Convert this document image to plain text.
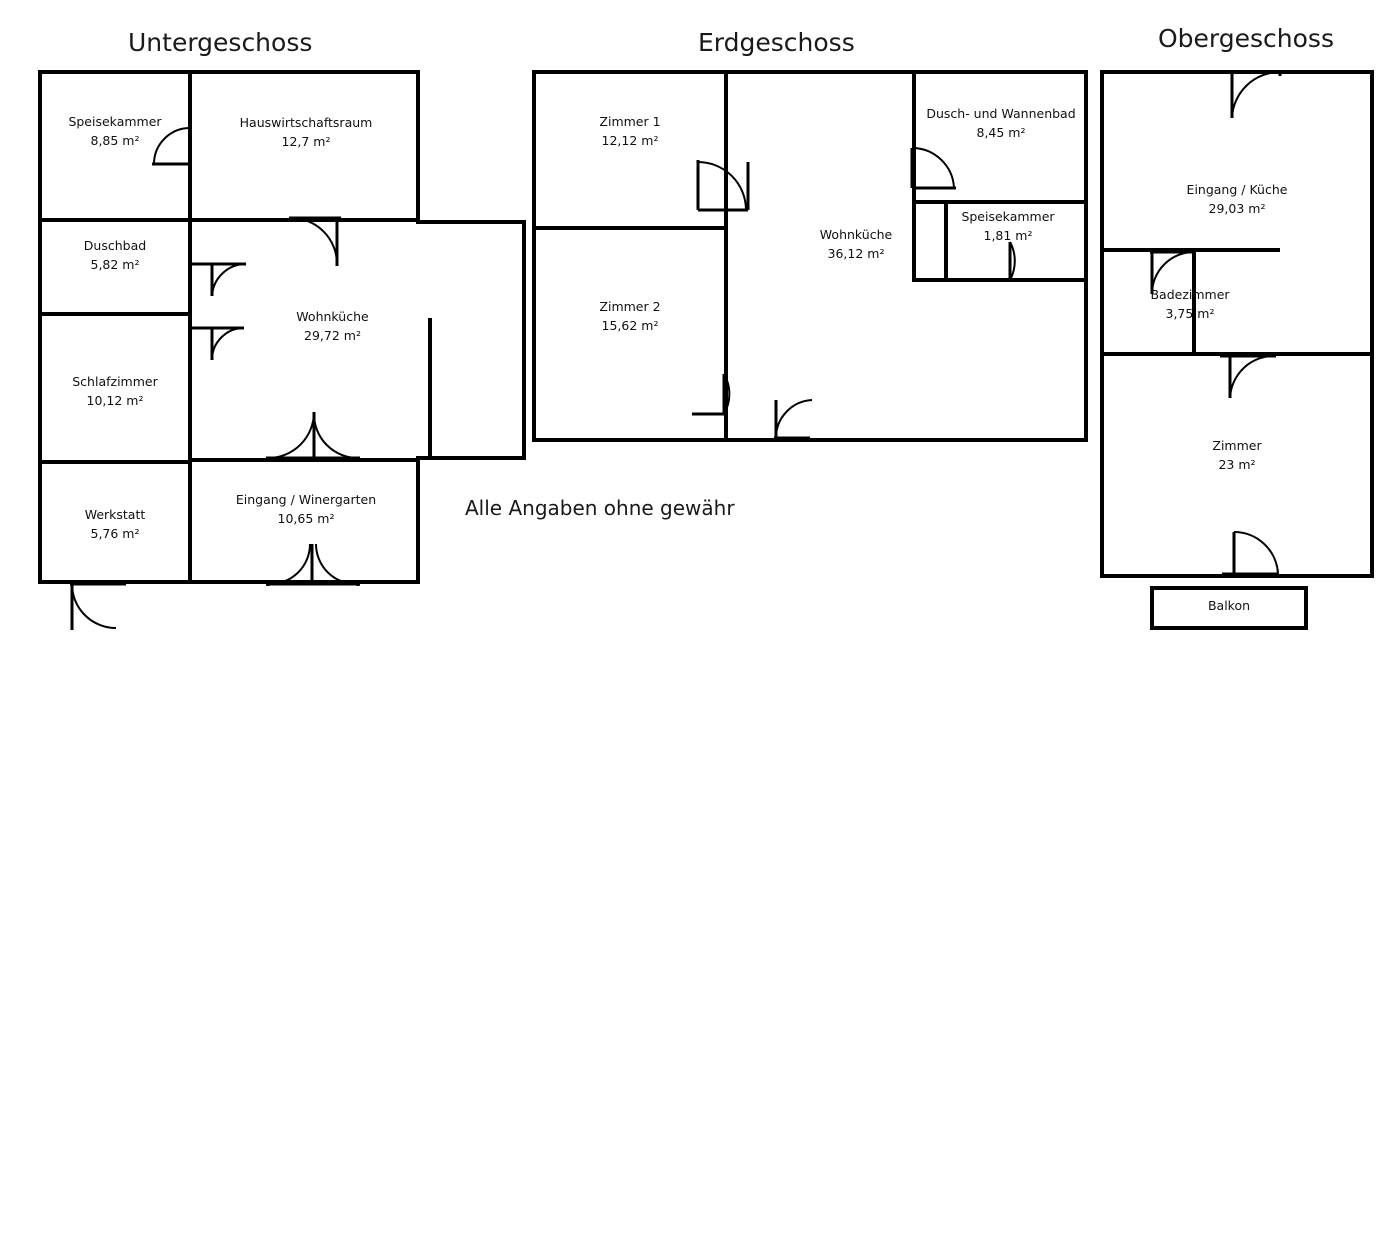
Untergeschoss
Speisekammer
8,85 m²
Hauswirtschaftsraum
12,7 m²
Duschbad
5,82 m²
Wohnküche
29,72 m²
Schlafzimmer
10,12 m²
Werkstatt
5,76 m²
Eingang / Winergarten
10,65 m²
Erdgeschoss
Zimmer 1
12,12 m²
Dusch- und Wannenbad
8,45 m²
Wohnküche
36,12 m²
Speisekammer
1,81 m²
Zimmer 2
15,62 m²
Obergeschoss
Eingang / Küche
29,03 m²
Badezimmer
3,75 m²
Zimmer
23 m²
Balkon
Alle Angaben ohne gewähr
